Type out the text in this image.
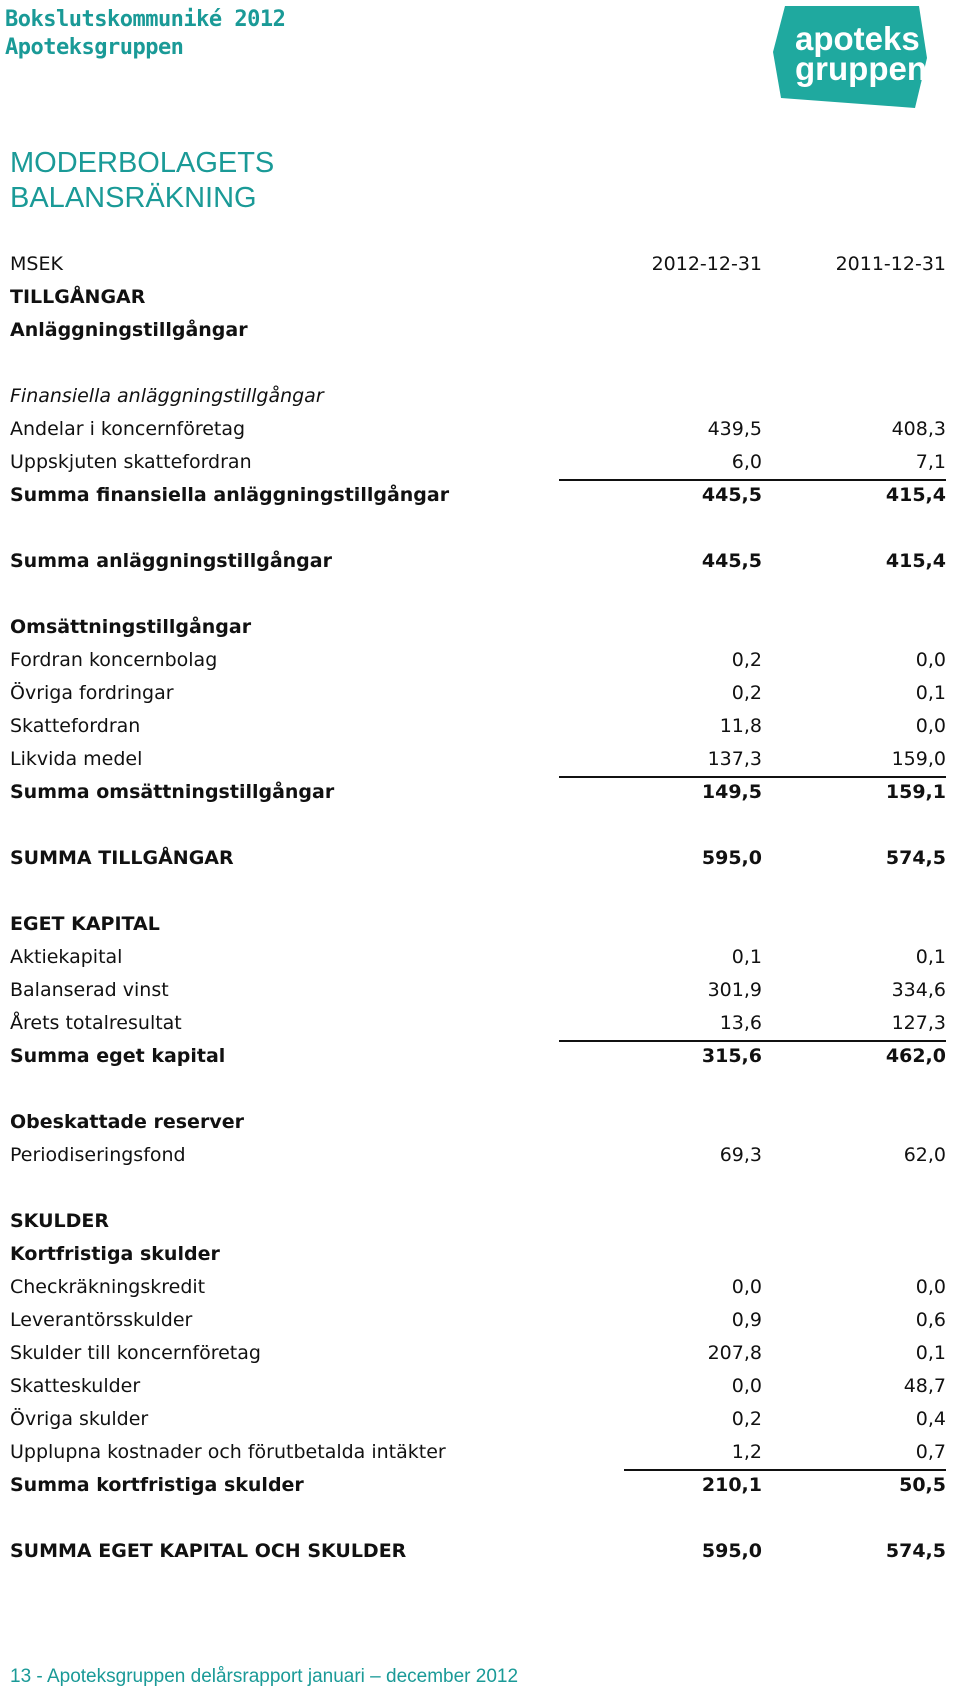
Bokslutskommuniké 2012
Apoteksgruppen	apoteks
gruppen
MODERBOLAGETS
BALANSRÄKNING
MSEK	2012-12-31	2011-12-31
TILLGÅNGAR
Anläggningstillgångar
Finansiella anläggningstillgångar
Andelar i koncernföretag	439,5	408,3
Uppskjuten skattefordran	6,0	7,1
Summa finansiella anläggningstillgångar	445,5	415,4
Summa anläggningstillgångar	445,5	415,4
Omsättningstillgångar
Fordran koncernbolag	0,2	0,0
Övriga fordringar	0,2	0,1
Skattefordran	11,8	0,0
Likvida medel	137,3	159,0
Summa omsättningstillgångar	149,5	159,1
SUMMA TILLGÅNGAR	595,0	574,5
EGET KAPITAL
Aktiekapital	0,1	0,1
Balanserad vinst	301,9	334,6
Årets totalresultat	13,6	127,3
Summa eget kapital	315,6	462,0
Obeskattade reserver
Periodiseringsfond	69,3	62,0
SKULDER
Kortfristiga skulder
Checkräkningskredit	0,0	0,0
Leverantörsskulder	0,9	0,6
Skulder till koncernföretag	207,8	0,1
Skatteskulder	0,0	48,7
Övriga skulder	0,2	0,4
Upplupna kostnader och förutbetalda intäkter	1,2	0,7
Summa kortfristiga skulder	210,1	50,5
SUMMA EGET KAPITAL OCH SKULDER	595,0	574,5
13 - Apoteksgruppen delårsrapport januari – december 2012
